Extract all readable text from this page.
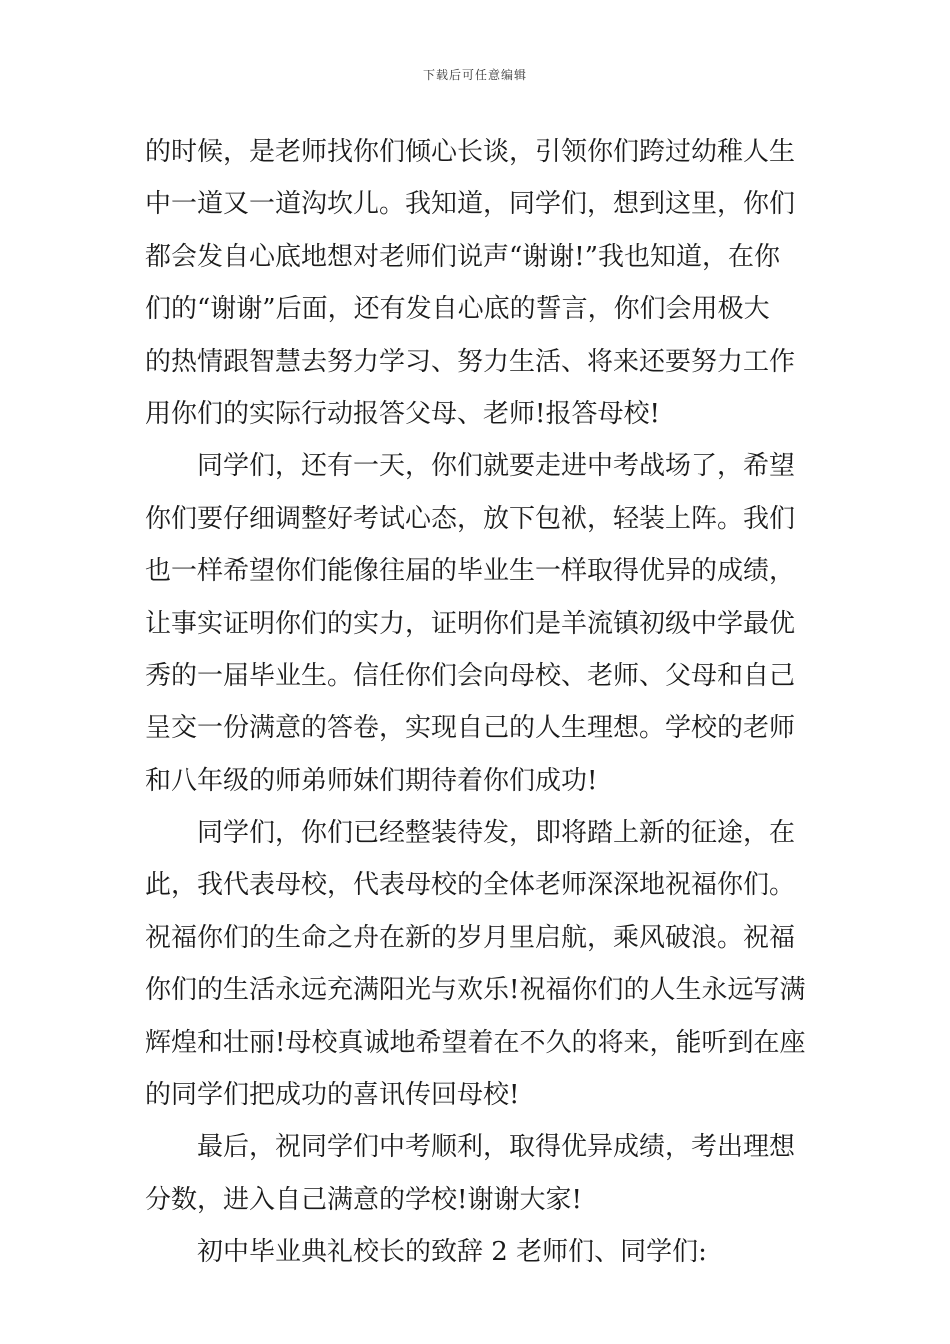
下载后可任意编辑
的时候，是老师找你们倾心长谈，引领你们跨过幼稚人生
中一道又一道沟坎儿。我知道，同学们，想到这里，你们
都会发自心底地想对老师们说声“谢谢!”我也知道，在你
们的“谢谢”后面，还有发自心底的誓言，你们会用极大
的热情跟智慧去努力学习、努力生活、将来还要努力工作
用你们的实际行动报答父母、老师!报答母校!
同学们，还有一天，你们就要走进中考战场了，希望
你们要仔细调整好考试心态，放下包袱，轻装上阵。我们
也一样希望你们能像往届的毕业生一样取得优异的成绩，
让事实证明你们的实力，证明你们是羊流镇初级中学最优
秀的一届毕业生。信任你们会向母校、老师、父母和自己
呈交一份满意的答卷，实现自己的人生理想。学校的老师
和八年级的师弟师妹们期待着你们成功!
同学们，你们已经整装待发，即将踏上新的征途，在
此，我代表母校，代表母校的全体老师深深地祝福你们。
祝福你们的生命之舟在新的岁月里启航，乘风破浪。祝福
你们的生活永远充满阳光与欢乐!祝福你们的人生永远写满
辉煌和壮丽!母校真诚地希望着在不久的将来，能听到在座
的同学们把成功的喜讯传回母校!
最后，祝同学们中考顺利，取得优异成绩，考出理想
分数，进入自己满意的学校!谢谢大家!
初中毕业典礼校长的致辞 2 老师们、同学们:
